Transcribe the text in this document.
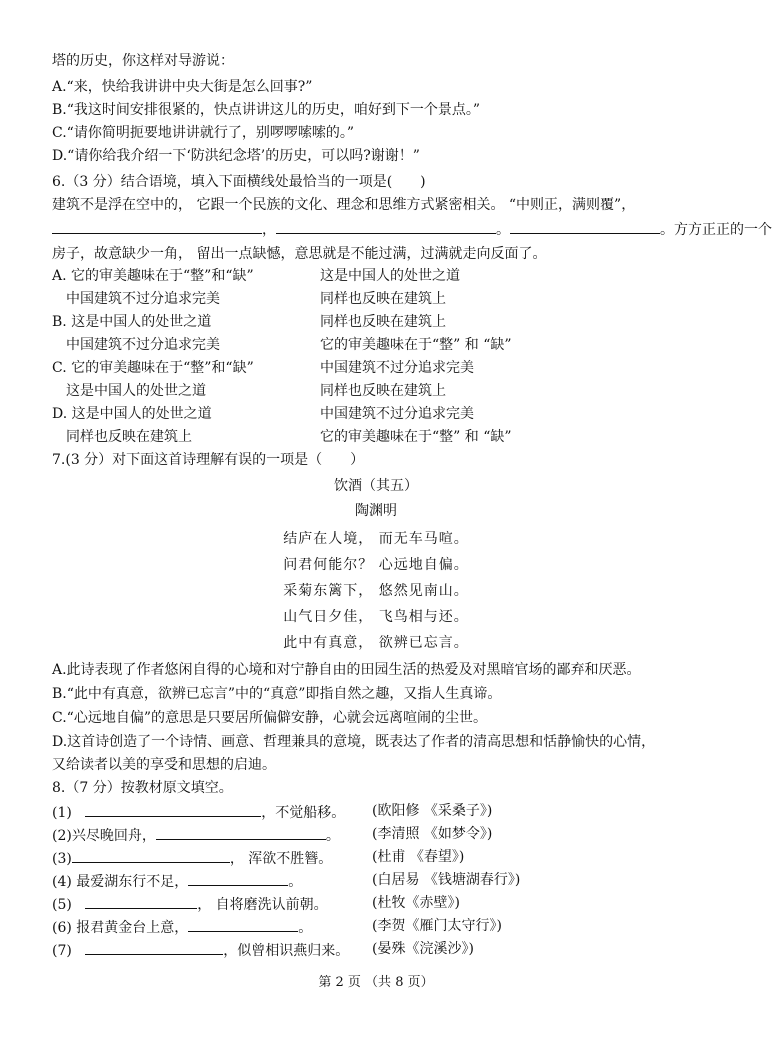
塔的历史，你这样对导游说：
A.“来，快给我讲讲中央大街是怎么回事?”
B.“我这时间安排很紧的，快点讲讲这儿的历史，咱好到下一个景点。”
C.“请你简明扼要地讲讲就行了，别啰啰嗦嗦的。”
D.“请你给我介绍一下‘防洪纪念塔’的历史，可以吗?谢谢！”
6.（3 分）结合语境，填入下面横线处最恰当的一项是(　　)
建筑不是浮在空中的， 它跟一个民族的文化、理念和思维方式紧密相关。 “中则正，满则覆”，
，	。	。方方正正的一个
房子，故意缺少一角， 留出一点缺憾，意思就是不能过满，过满就走向反面了。
A. 它的审美趣味在于“整”和“缺”	这是中国人的处世之道
中国建筑不过分追求完美	同样也反映在建筑上
B. 这是中国人的处世之道	同样也反映在建筑上
中国建筑不过分追求完美	它的审美趣味在于“整” 和 “缺”
C. 它的审美趣味在于“整”和“缺”	中国建筑不过分追求完美
这是中国人的处世之道	同样也反映在建筑上
D. 这是中国人的处世之道	中国建筑不过分追求完美
同样也反映在建筑上	它的审美趣味在于“整” 和 “缺”
7.(3 分）对下面这首诗理解有误的一项是（　　）
饮酒（其五）
陶渊明
结庐在人境， 而无车马喧。
问君何能尔？ 心远地自偏。
采菊东篱下， 悠然见南山。
山气日夕佳， 飞鸟相与还。
此中有真意， 欲辨已忘言。
A.此诗表现了作者悠闲自得的心境和对宁静自由的田园生活的热爱及对黑暗官场的鄙弃和厌恶。
B.“此中有真意，欲辨已忘言”中的“真意”即指自然之趣，又指人生真谛。
C.“心远地自偏”的意思是只要居所偏僻安静，心就会远离喧闹的尘世。
D.这首诗创造了一个诗情、画意、哲理兼具的意境，既表达了作者的清高思想和恬静愉快的心情，
又给读者以美的享受和思想的启迪。
8.（7 分）按教材原文填空。
(1)	，不觉船移。 (欧阳修 《采桑子》)
(2)兴尽晚回舟，	。 (李清照 《如梦令》)
(3)	， 浑欲不胜簪。	(杜甫 《春望》)
(4) 最爱湖东行不足，	。	(白居易 《钱塘湖春行》)
(5)	， 自将磨洗认前朝。	(杜牧《赤壁》)
(6) 报君黄金台上意，	。	(李贺《雁门太守行》)
(7)	，似曾相识燕归来。 (晏殊《浣溪沙》)
第 2 页 （共 8 页）
